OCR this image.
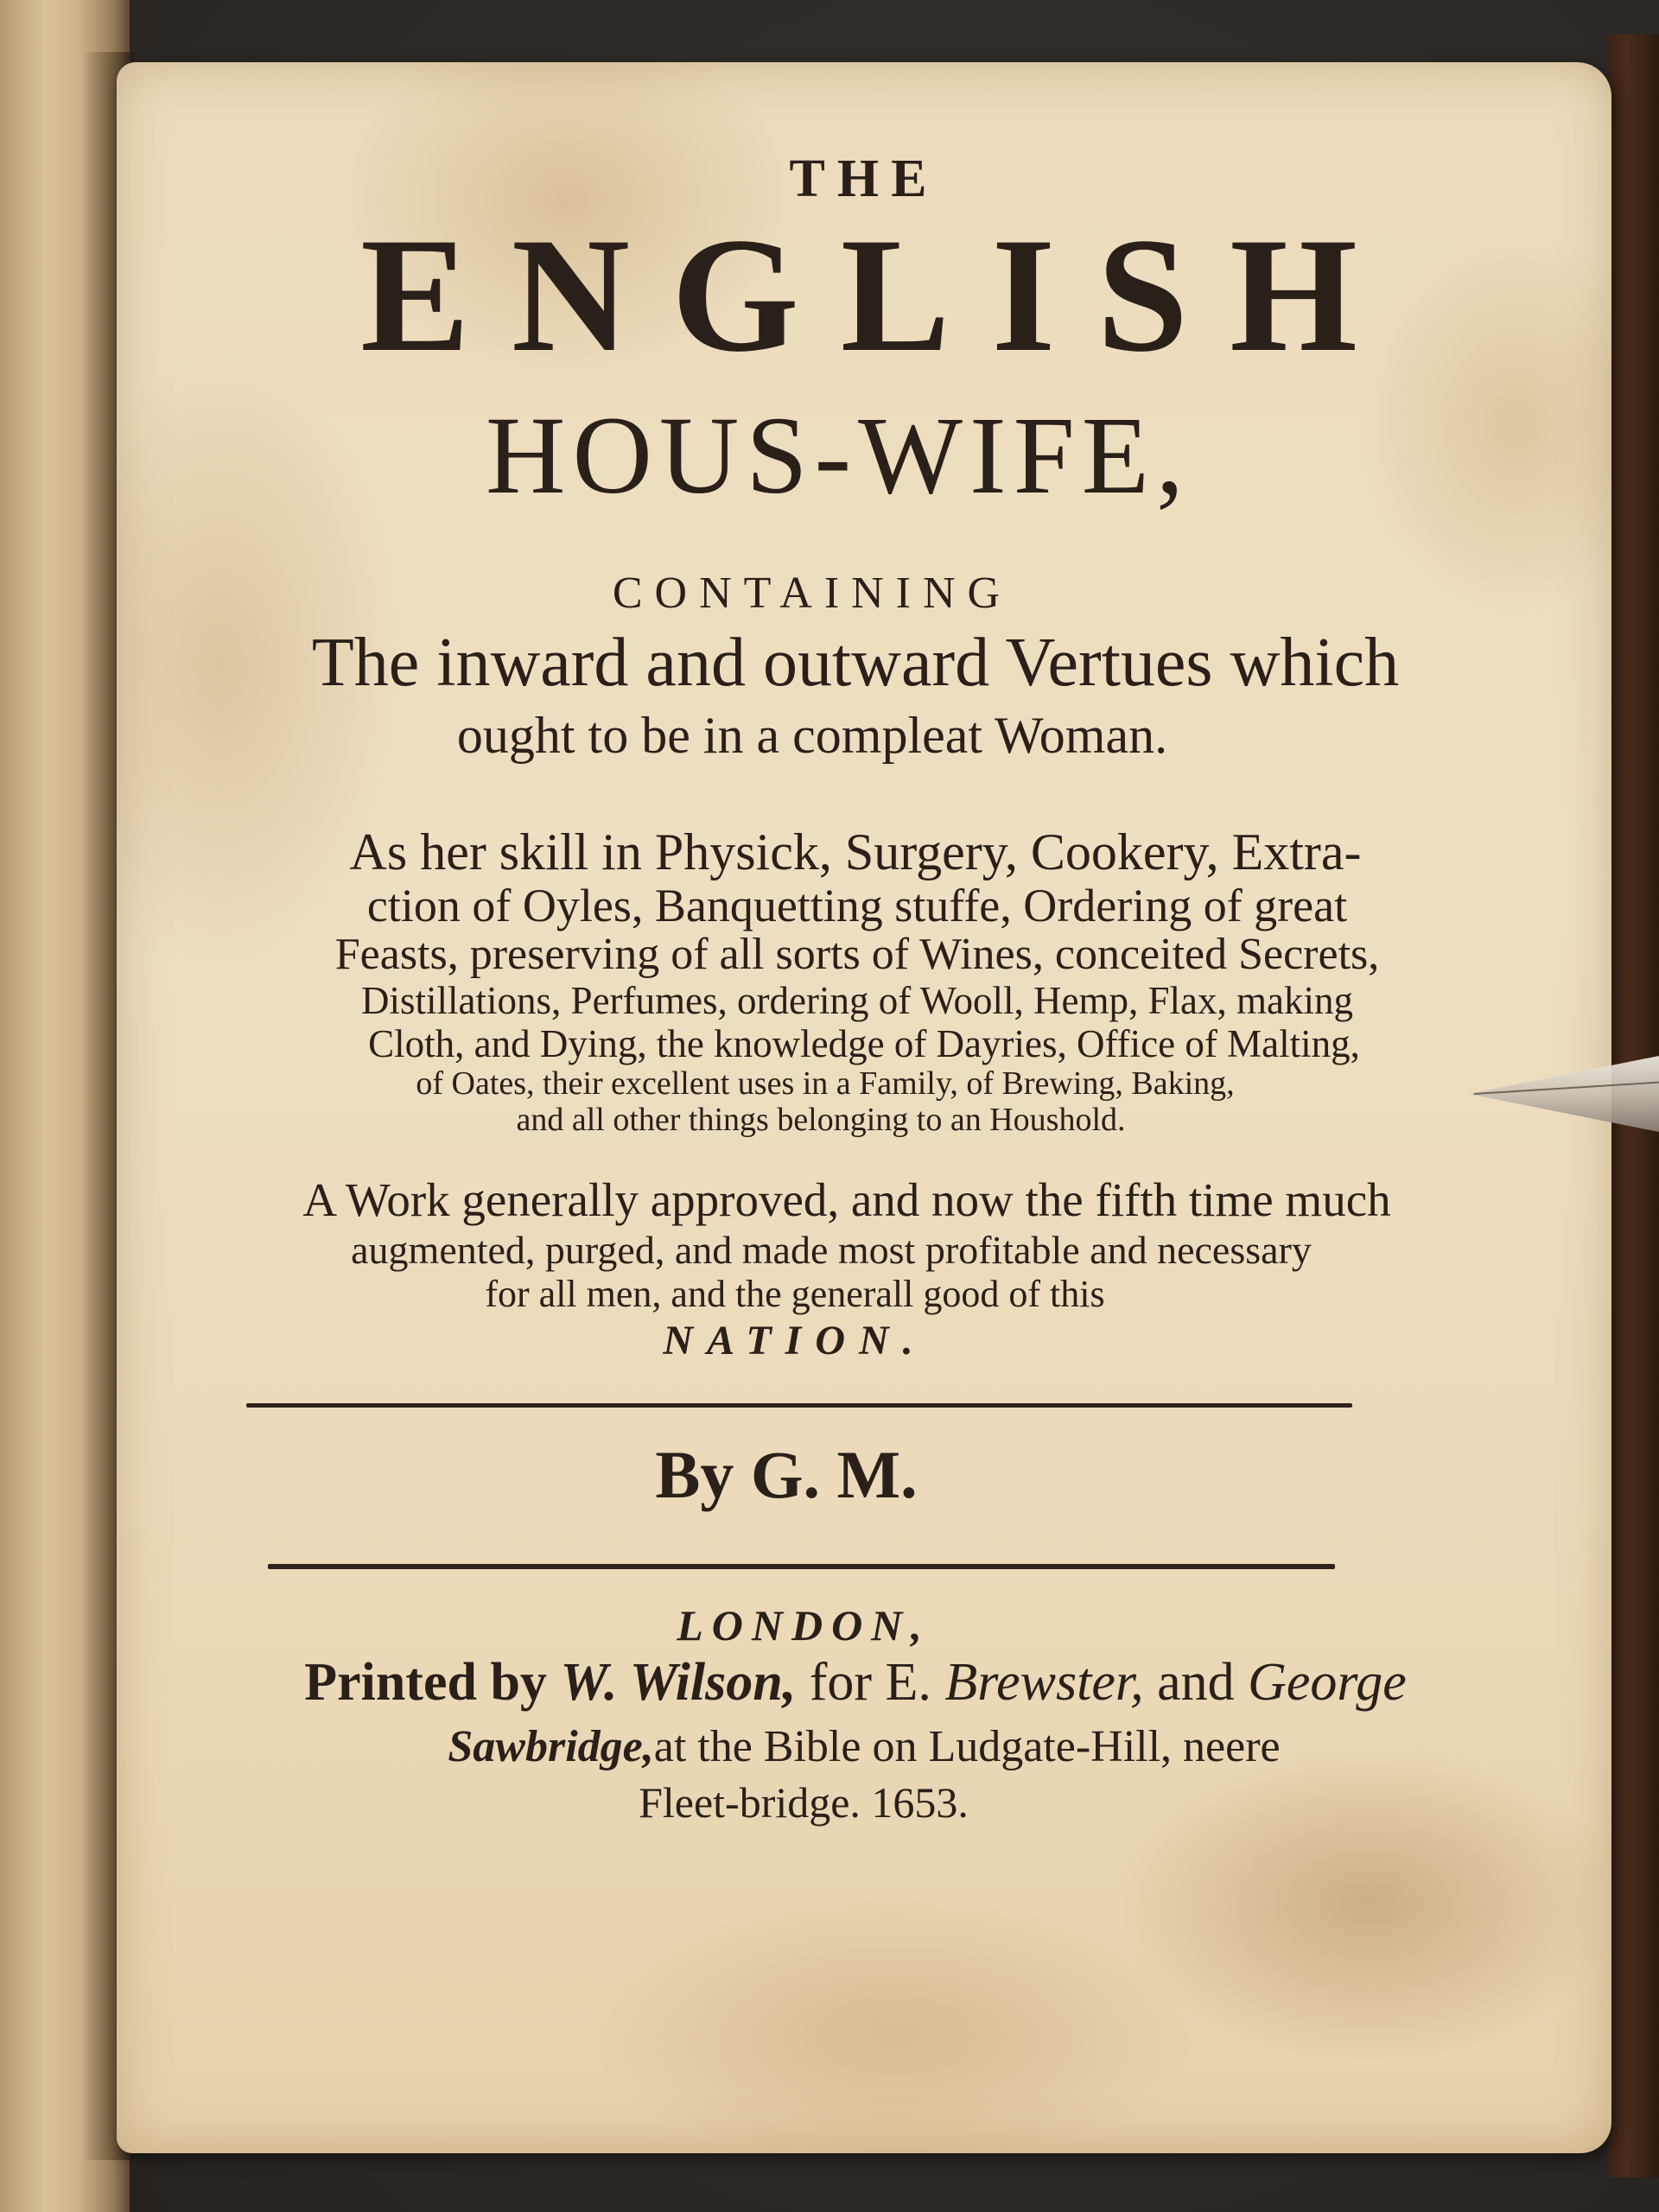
THE
ENGLISH
HOUS-WIFE,
CONTAINING
The inward and outward Vertues which
ought to be in a compleat Woman.
As her skill in Physick, Surgery, Cookery, Extra-
ction of Oyles, Banquetting stuffe, Ordering of great
Feasts, preserving of all sorts of Wines, conceited Secrets,
Distillations, Perfumes, ordering of Wooll, Hemp, Flax, making
Cloth, and Dying, the knowledge of Dayries, Office of Malting,
of Oates, their excellent uses in a Family, of Brewing, Baking,
and all other things belonging to an Houshold.
A Work generally approved, and now the fifth time much
augmented, purged, and made most profitable and necessary
for all men, and the generall good of this
NATION.
By G. M.
LONDON,
Printed by W. Wilson, for E. Brewster, and George
Sawbridge,at the Bible on Ludgate-Hill, neere
Fleet-bridge. 1653.
